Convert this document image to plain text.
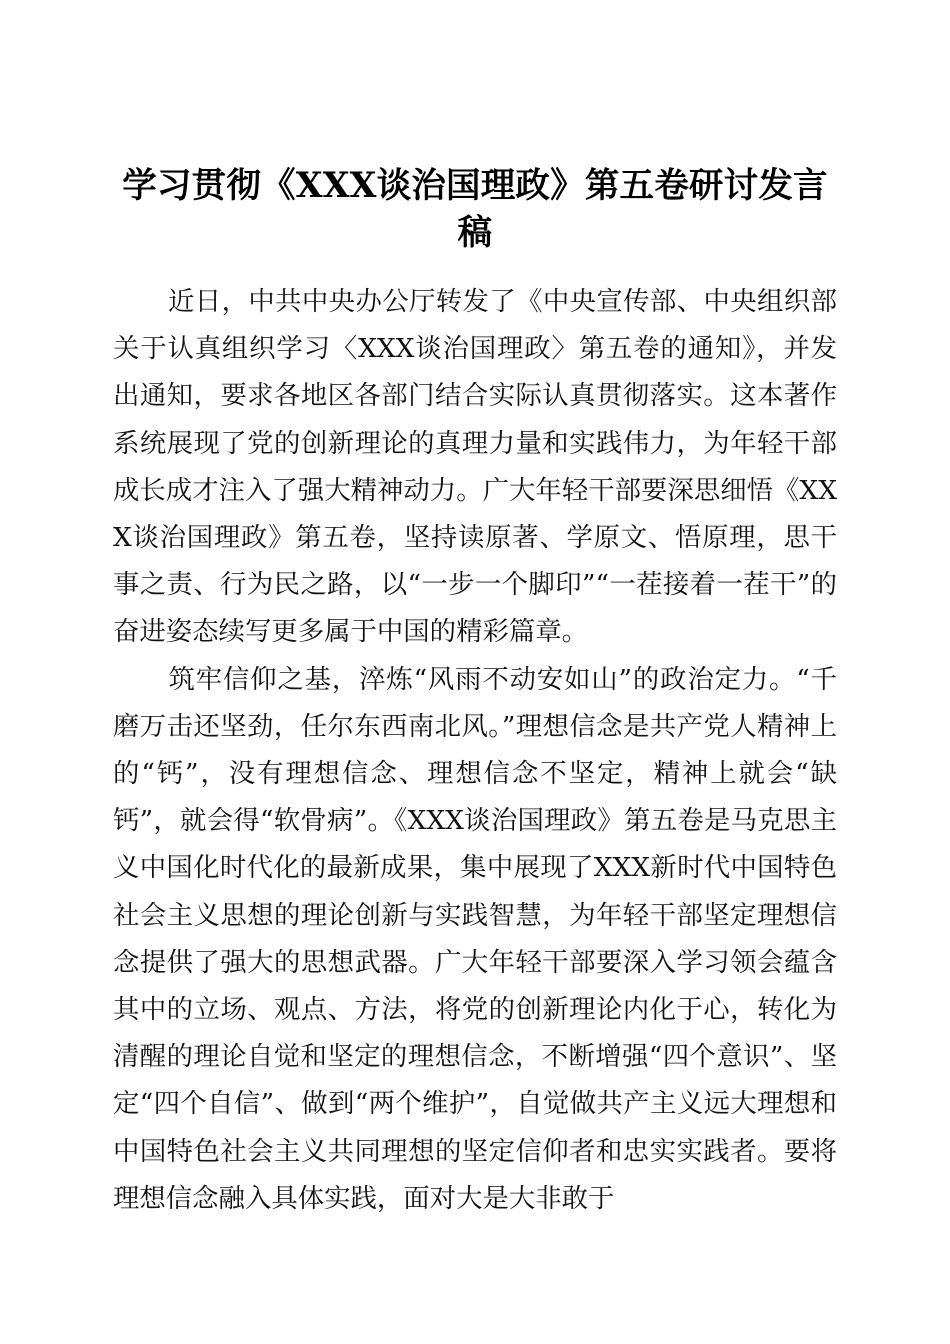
学习贯彻《XXX谈治国理政》第五卷研讨发言稿

近日，中共中央办公厅转发了《中央宣传部、中央组织部关于认真组织学习〈XXX谈治国理政〉第五卷的通知》，并发出通知，要求各地区各部门结合实际认真贯彻落实。这本著作系统展现了党的创新理论的真理力量和实践伟力，为年轻干部成长成才注入了强大精神动力。广大年轻干部要深思细悟《XXX谈治国理政》第五卷，坚持读原著、学原文、悟原理，思干事之责、行为民之路，以“一步一个脚印”“一茬接着一茬干”的奋进姿态续写更多属于中国的精彩篇章。

筑牢信仰之基，淬炼“风雨不动安如山”的政治定力。“千磨万击还坚劲，任尔东西南北风。”理想信念是共产党人精神上的“钙”，没有理想信念、理想信念不坚定，精神上就会“缺钙”，就会得“软骨病”。《XXX谈治国理政》第五卷是马克思主义中国化时代化的最新成果，集中展现了XXX新时代中国特色社会主义思想的理论创新与实践智慧，为年轻干部坚定理想信念提供了强大的思想武器。广大年轻干部要深入学习领会蕴含其中的立场、观点、方法，将党的创新理论内化于心，转化为清醒的理论自觉和坚定的理想信念，不断增强“四个意识”、坚定“四个自信”、做到“两个维护”，自觉做共产主义远大理想和中国特色社会主义共同理想的坚定信仰者和忠实实践者。要将理想信念融入具体实践，面对大是大非敢于
